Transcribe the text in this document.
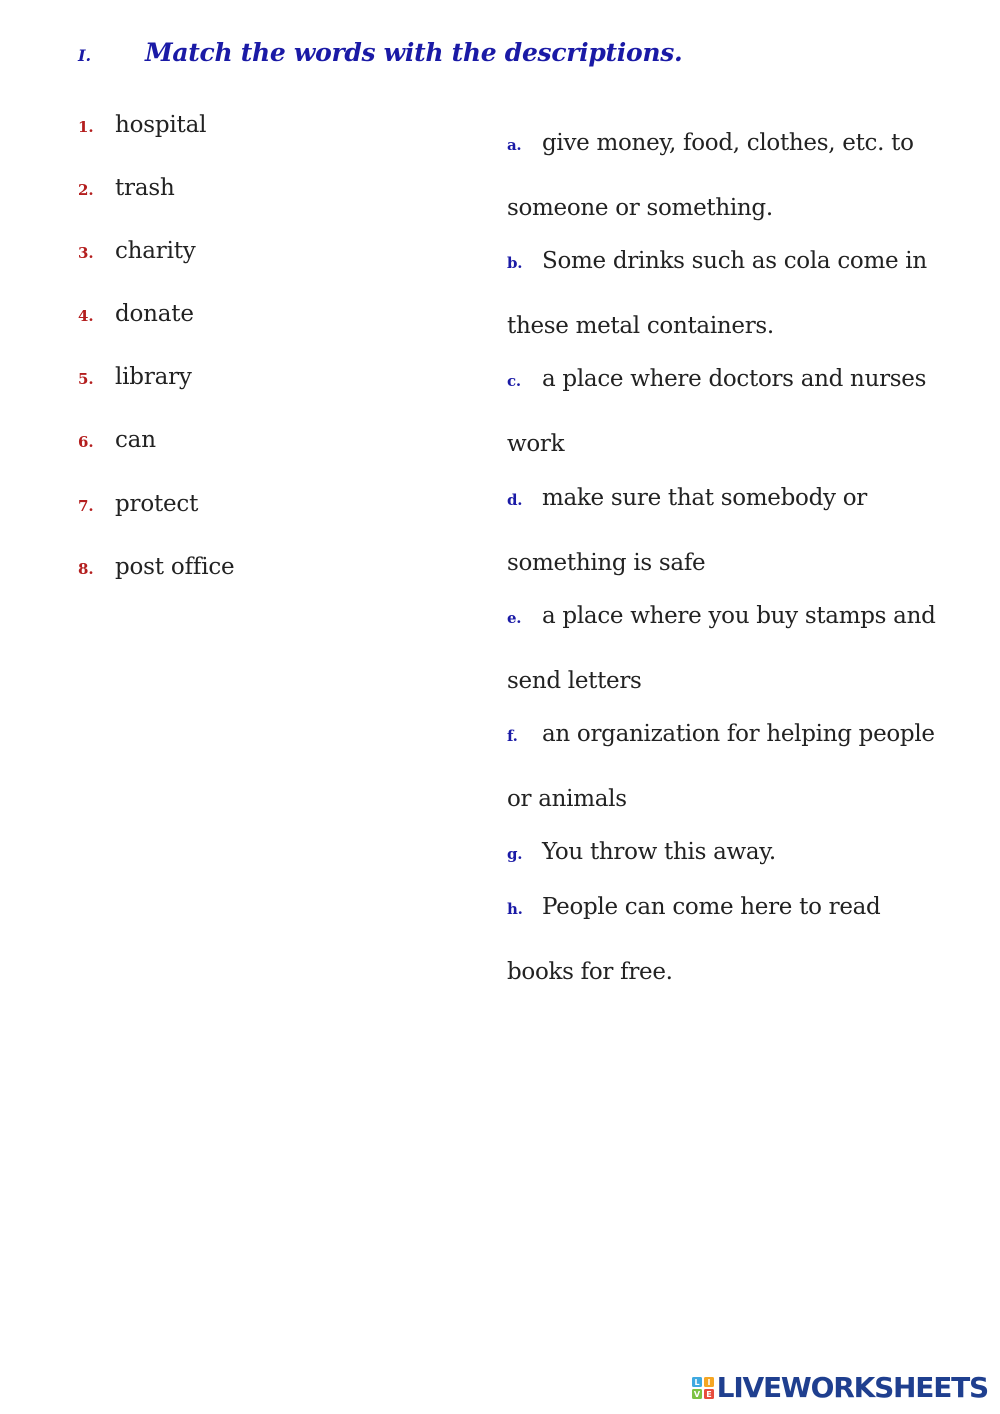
I.	Match the words with the descriptions.
1. hospital
2. trash
3. charity
4. donate
5. library
6. can
7. protect
8. post office
a. give money, food, clothes, etc. to someone or something.
b. Some drinks such as cola come in these metal containers.
c. a place where doctors and nurses work
d. make sure that somebody or something is safe
e. a place where you buy stamps and send letters
f. an organization for helping people or animals
g. You throw this away.
h. People can come here to read books for free.
L I
V E LIVEWORKSHEETS
